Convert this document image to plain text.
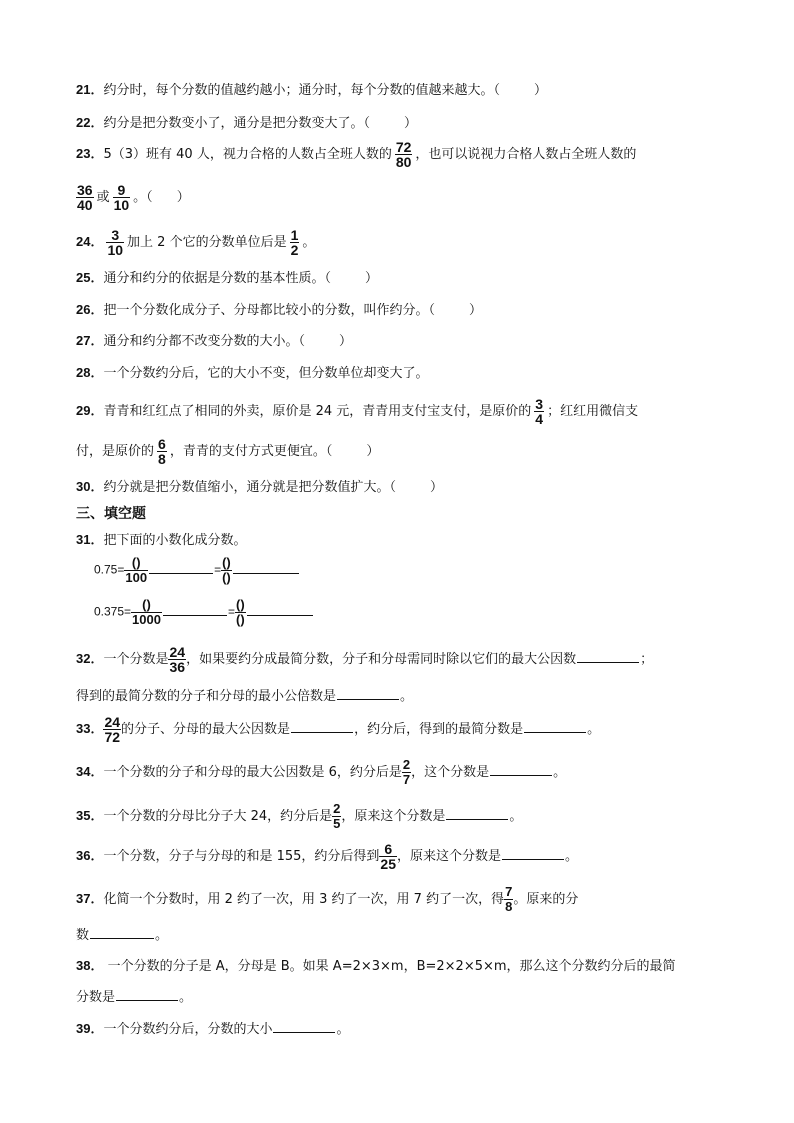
21．约分时，每个分数的值越约越小；通分时，每个分数的值越来越大。（	）
22．约分是把分数变小了，通分是把分数变大了。（	）
23．5（3）班有 40 人，视力合格的人数占全班人数的 $\frac{72}{80}$ ，也可以说视力合格人数占全班人数的
$\frac{36}{40}$ 或 $\frac{9}{10}$ 。（ ）
24． $\frac{3}{10}$ 加上 2 个它的分数单位后是 $\frac{1}{2}$ 。
25．通分和约分的依据是分数的基本性质。（	）
26．把一个分数化成分子、分母都比较小的分数，叫作约分。（	）
27．通分和约分都不改变分数的大小。（	）
28．一个分数约分后，它的大小不变，但分数单位却变大了。
29．青青和红红点了相同的外卖，原价是 24 元，青青用支付宝支付，是原价的 $\frac{3}{4}$ ；红红用微信支
付，是原价的 $\frac{6}{8}$ ，青青的支付方式更便宜。（	）
30．约分就是把分数值缩小，通分就是把分数值扩大。（	）
三、填空题
31．把下面的小数化成分数。
$0.75= \frac{()}{100}$	= $\frac{()}{()}$
$0.375= \frac{()}{1000}$	= $\frac{()}{()}$
32．一个分数是 $\frac{24}{36}$ ，如果要约分成最简分数，分子和分母需同时除以它们的最大公因数	；
得到的最简分数的分子和分母的最小公倍数是	。
33． $\frac{24}{72}$ 的分子、分母的最大公因数是	，约分后，得到的最简分数是	。
34．一个分数的分子和分母的最大公因数是 6，约分后是 $\frac{2}{7}$ ，这个分数是	。
35．一个分数的分母比分子大 24，约分后是 $\frac{2}{5}$ ，原来这个分数是	。
36．一个分数，分子与分母的和是 155，约分后得到 $\frac{6}{25}$ ，原来这个分数是	。
37．化简一个分数时，用 2 约了一次，用 3 约了一次，用 7 约了一次，得 $\frac{7}{8}$ 。原来的分
数	。
38． 一个分数的分子是 A，分母是 B。如果 A=2×3×m，B=2×2×5×m，那么这个分数约分后的最简
分数是	。
39．一个分数约分后，分数的大小	。
